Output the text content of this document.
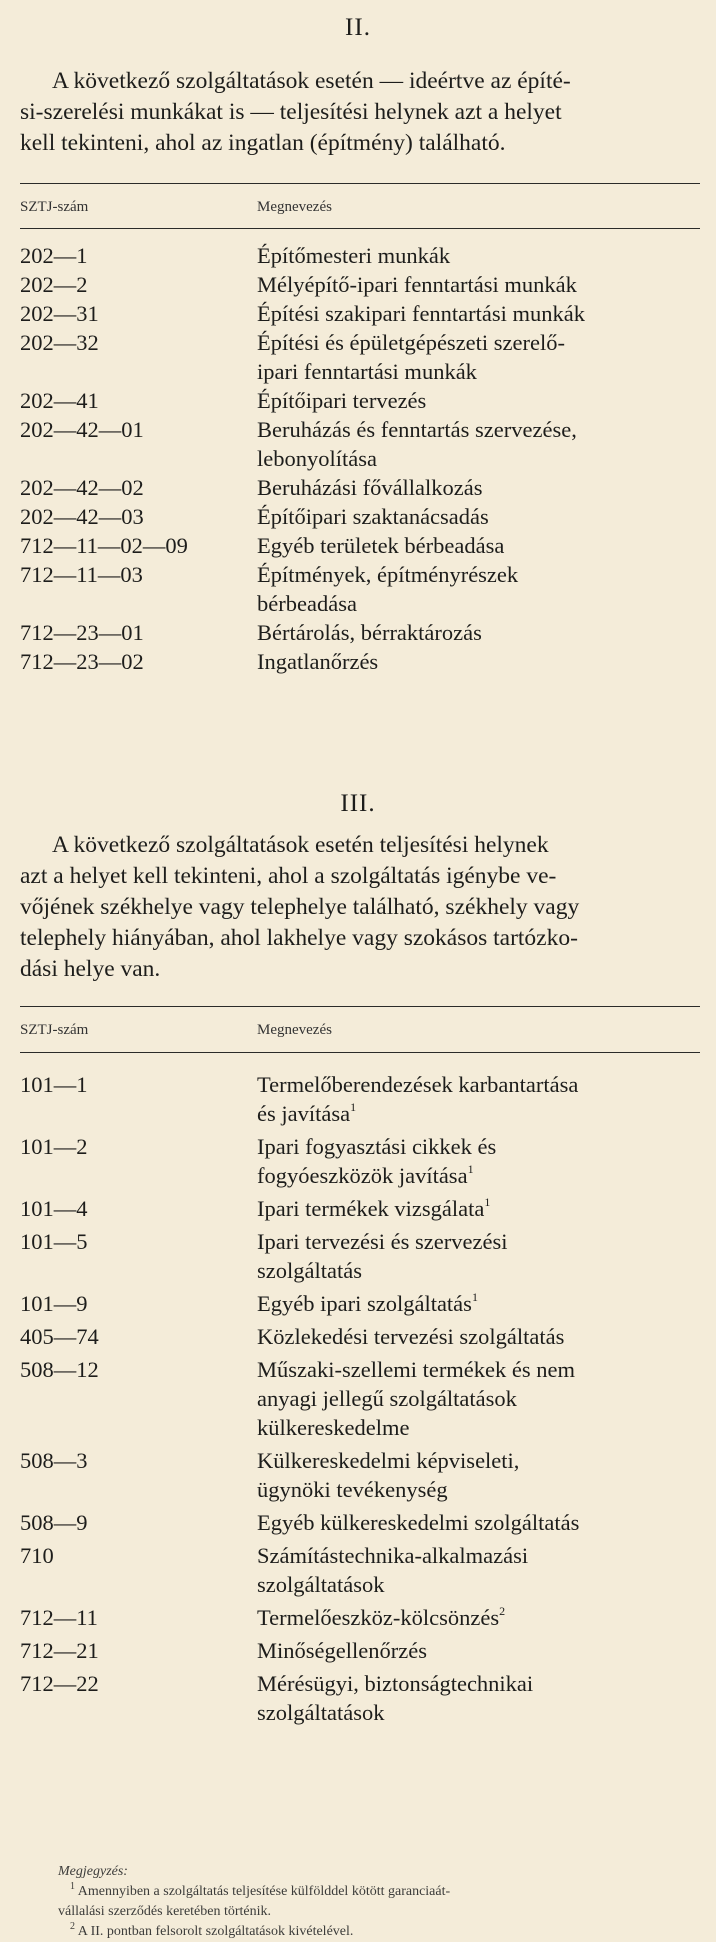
II.
A következő szolgáltatások esetén — ideértve az építé-
si-szerelési munkákat is — teljesítési helynek azt a helyet
kell tekinteni, ahol az ingatlan (építmény) található.
SZTJ-szám	Megnevezés
202—1	Építőmesteri munkák
202—2	Mélyépítő-ipari fenntartási munkák
202—31	Építési szakipari fenntartási munkák
202—32	Építési és épületgépészeti szerelő-
ipari fenntartási munkák
202—41	Építőipari tervezés
202—42—01	Beruházás és fenntartás szervezése,
lebonyolítása
202—42—02	Beruházási fővállalkozás
202—42—03	Építőipari szaktanácsadás
712—11—02—09	Egyéb területek bérbeadása
712—11—03	Építmények, építményrészek
bérbeadása
712—23—01	Bértárolás, bérraktározás
712—23—02	Ingatlanőrzés
III.
A következő szolgáltatások esetén teljesítési helynek
azt a helyet kell tekinteni, ahol a szolgáltatás igénybe ve-
vőjének székhelye vagy telephelye található, székhely vagy
telephely hiányában, ahol lakhelye vagy szokásos tartózko-
dási helye van.
SZTJ-szám	Megnevezés
101—1	Termelőberendezések karbantartása
és javítása$^1$
101—2	Ipari fogyasztási cikkek és
fogyóeszközök javítása$^1$
101—4	Ipari termékek vizsgálata$^1$
101—5	Ipari tervezési és szervezési
szolgáltatás
101—9	Egyéb ipari szolgáltatás$^1$
405—74	Közlekedési tervezési szolgáltatás
508—12	Műszaki-szellemi termékek és nem
anyagi jellegű szolgáltatások
külkereskedelme
508—3	Külkereskedelmi képviseleti,
ügynöki tevékenység
508—9	Egyéb külkereskedelmi szolgáltatás
710	Számítástechnika-alkalmazási
szolgáltatások
712—11	Termelőeszköz-kölcsönzés$^2$
712—21	Minőségellenőrzés
712—22	Mérésügyi, biztonságtechnikai
szolgáltatások
Megjegyzés:
$^1$ Amennyiben a szolgáltatás teljesítése külfölddel kötött garanciaát-
vállalási szerződés keretében történik.
$^2$ A II. pontban felsorolt szolgáltatások kivételével.
